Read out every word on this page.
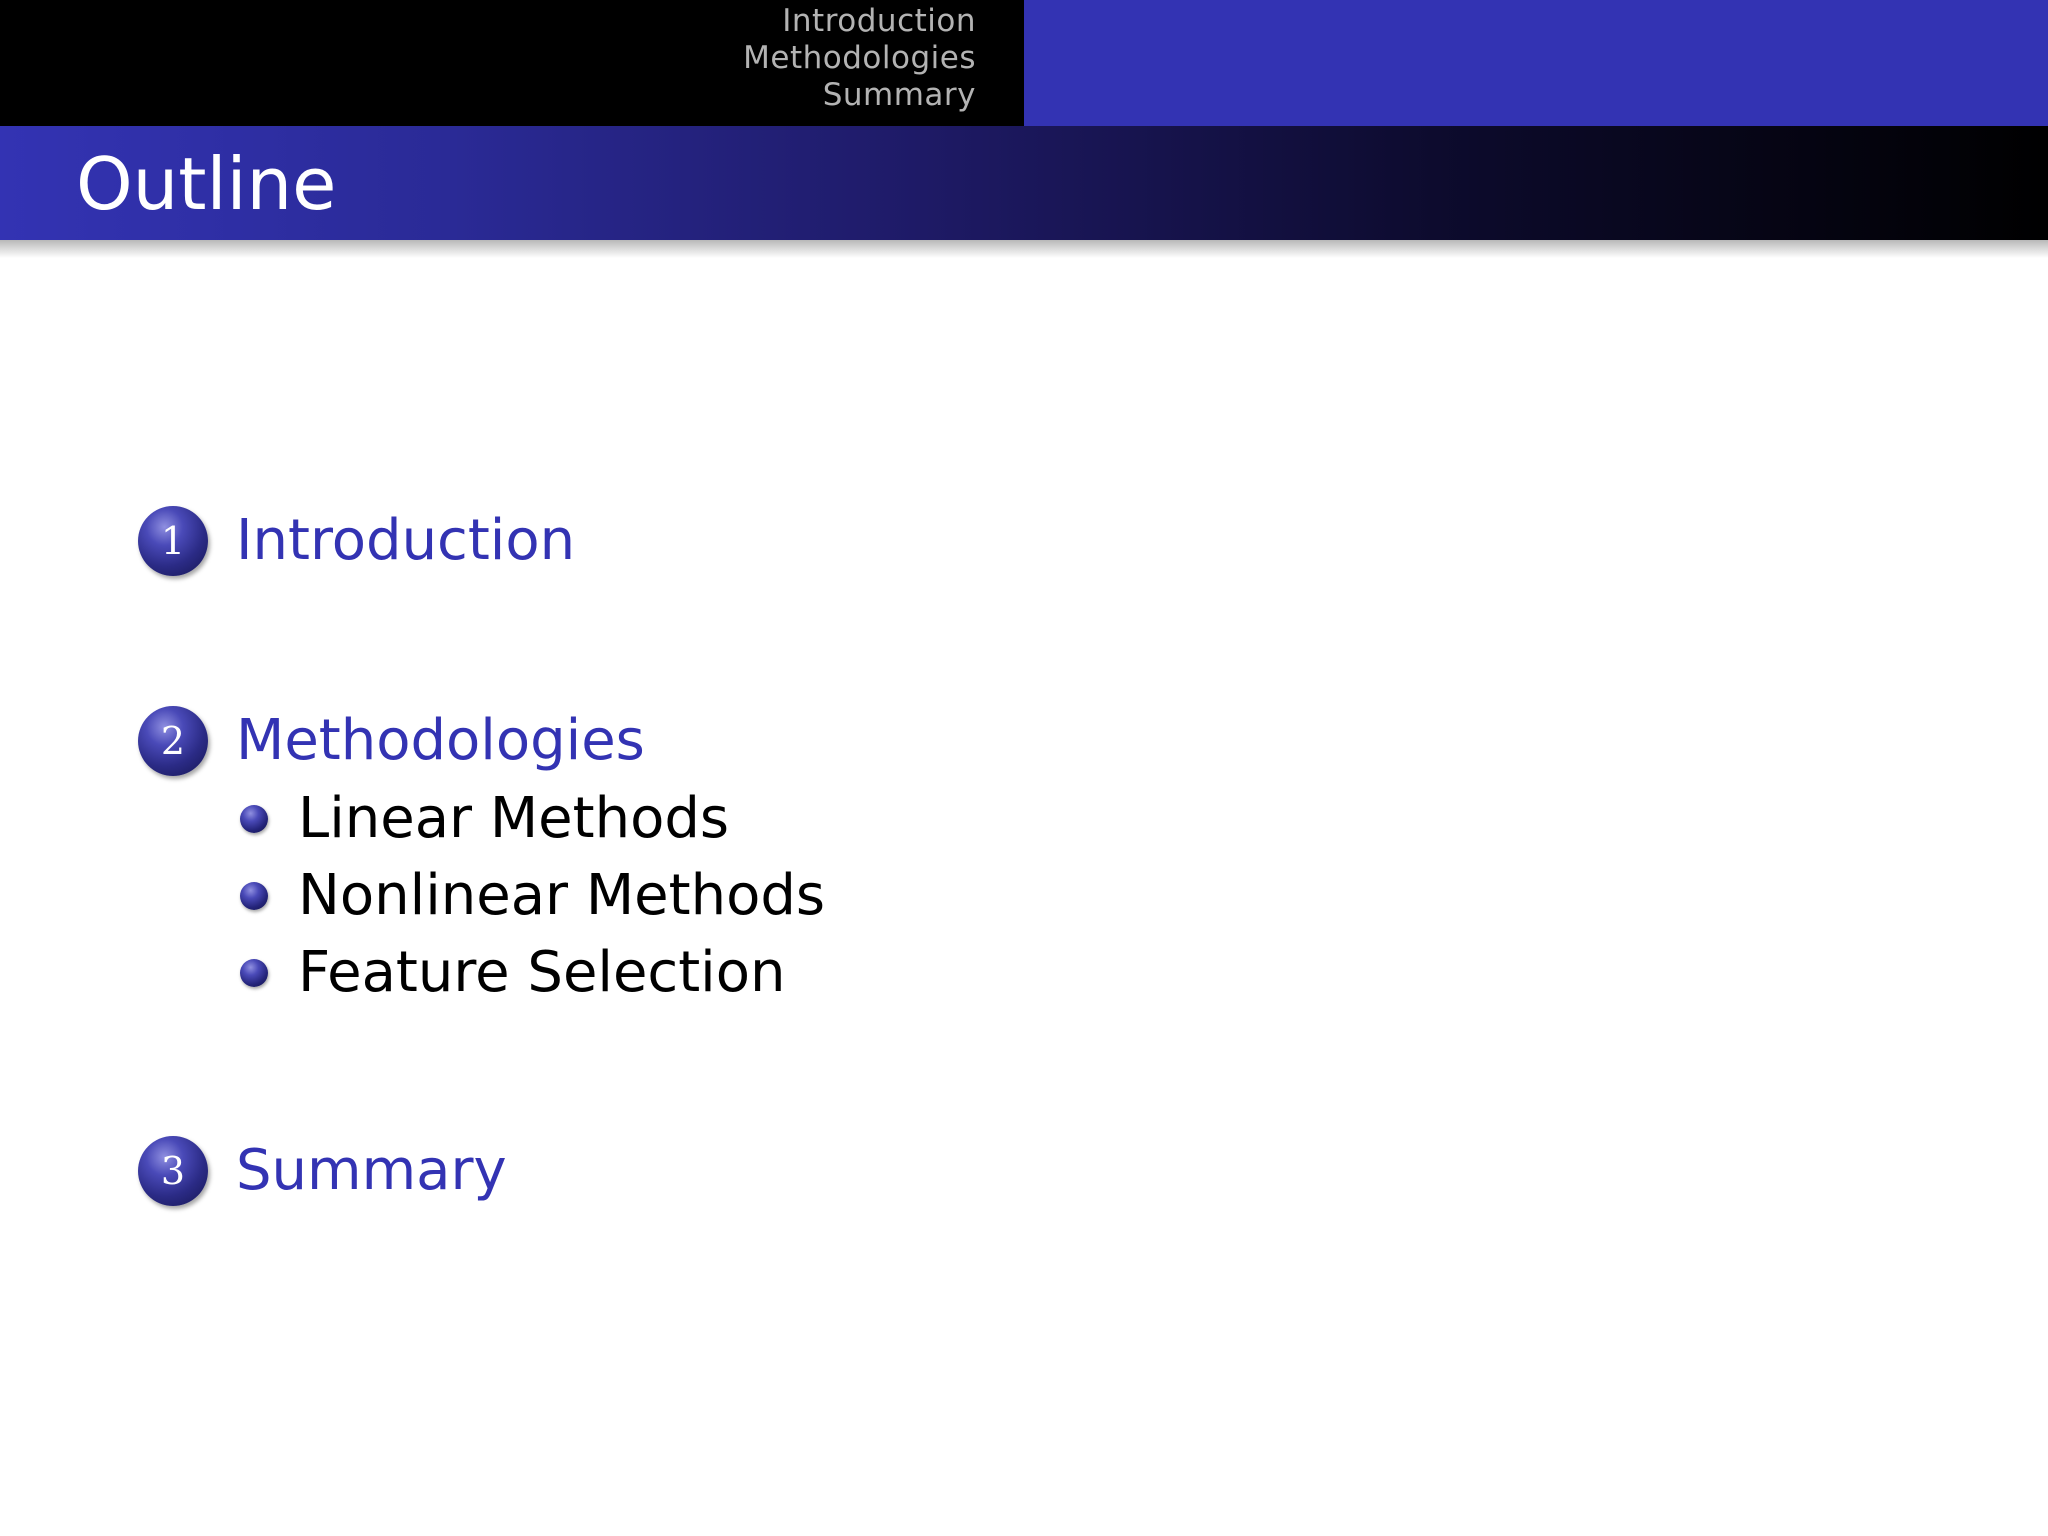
Introduction
Methodologies
Summary
Outline
1 Introduction
2 Methodologies
Linear Methods
Nonlinear Methods
Feature Selection
3 Summary
